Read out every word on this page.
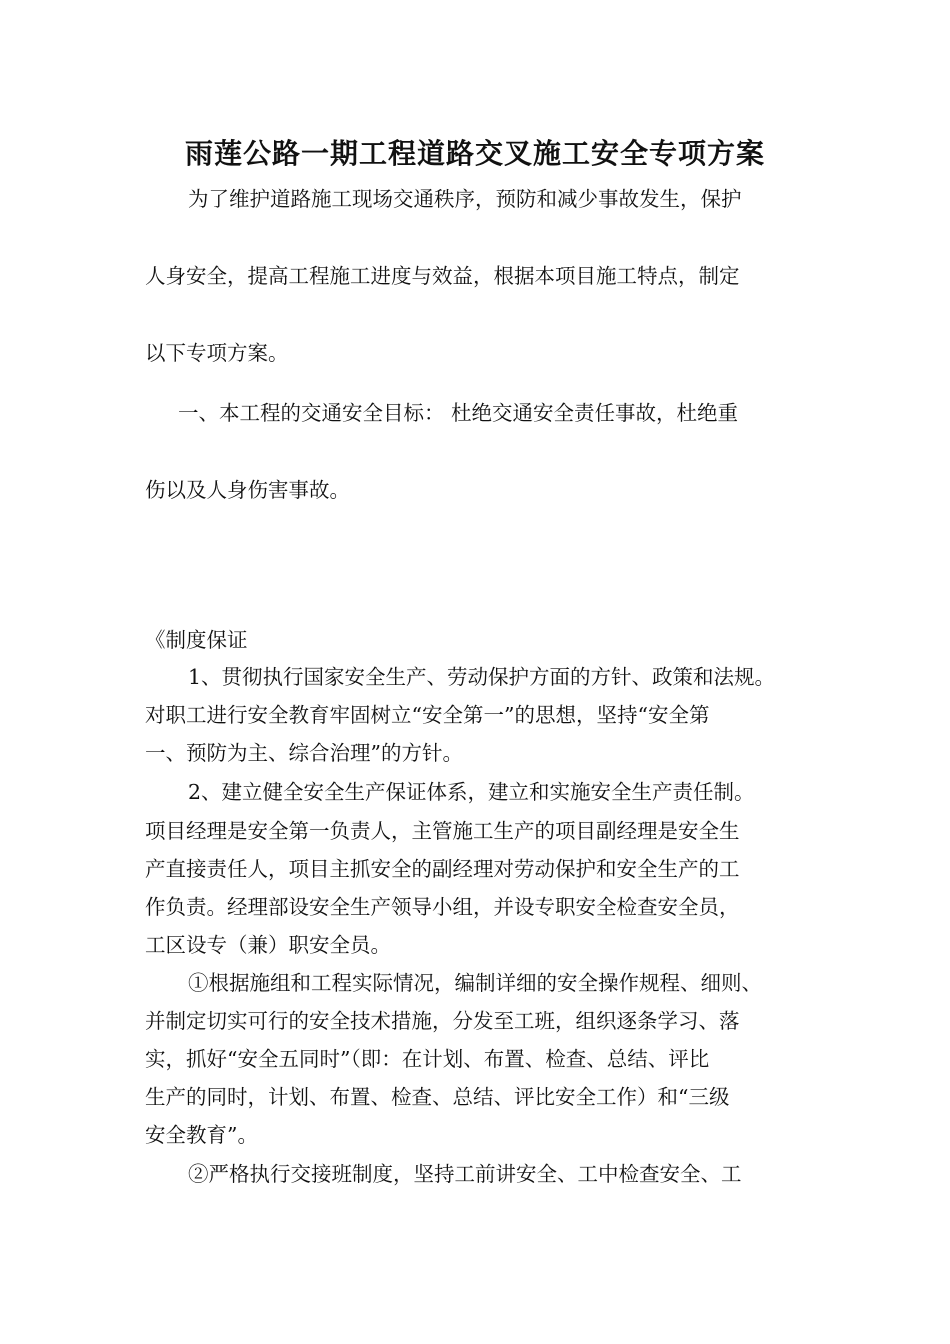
雨莲公路一期工程道路交叉施工安全专项方案
为了维护道路施工现场交通秩序，预防和减少事故发生，保护
人身安全，提高工程施工进度与效益，根据本项目施工特点，制定
以下专项方案。
一、本工程的交通安全目标： 杜绝交通安全责任事故，杜绝重
伤以及人身伤害事故。
《制度保证
1、贯彻执行国家安全生产、劳动保护方面的方针、政策和法规。
对职工进行安全教育牢固树立“安全第一”的思想，坚持“安全第
一、预防为主、综合治理”的方针。
2、建立健全安全生产保证体系，建立和实施安全生产责任制。
项目经理是安全第一负责人，主管施工生产的项目副经理是安全生
产直接责任人，项目主抓安全的副经理对劳动保护和安全生产的工
作负责。经理部设安全生产领导小组，并设专职安全检查安全员，
工区设专（兼）职安全员。
①根据施组和工程实际情况，编制详细的安全操作规程、细则、
并制定切实可行的安全技术措施，分发至工班，组织逐条学习、落
实，抓好“安全五同时”（即：在计划、布置、检查、总结、评比
生产的同时，计划、布置、检查、总结、评比安全工作）和“三级
安全教育”。
②严格执行交接班制度，坚持工前讲安全、工中检查安全、工
